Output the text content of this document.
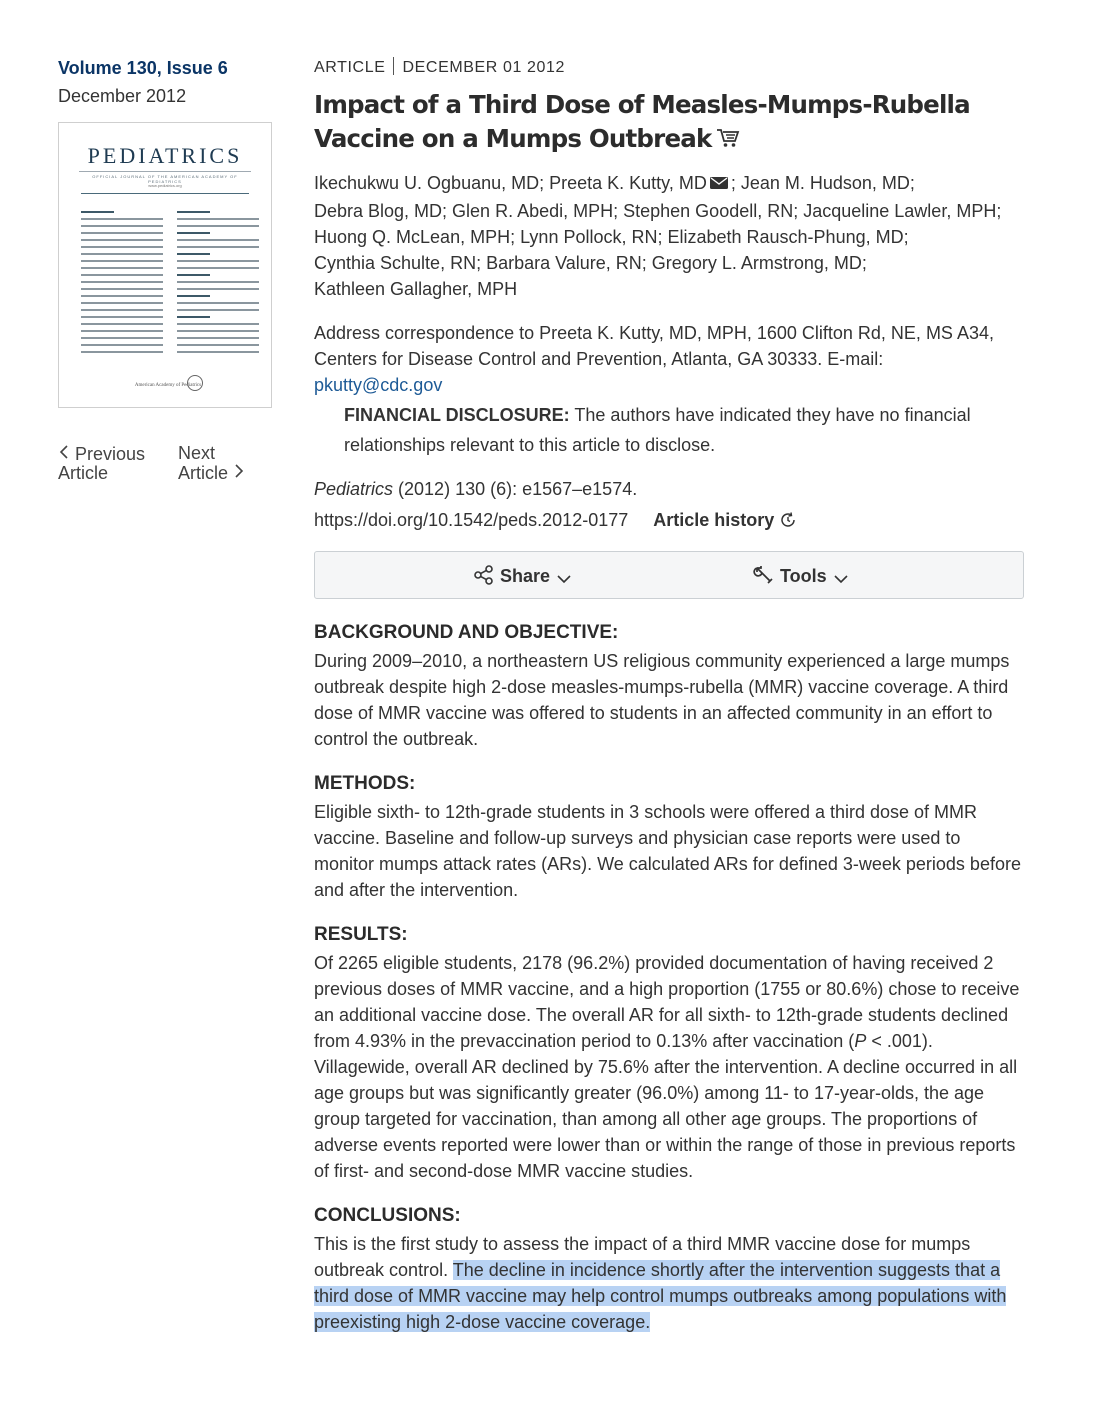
Volume 130, Issue 6
December 2012
PEDIATRICS
OFFICIAL JOURNAL OF THE AMERICAN ACADEMY OF PEDIATRICS
www.pediatrics.org
American Academy of Pediatrics
Previous
Article
Next
Article
ARTICLE DECEMBER 01 2012
Impact of a Third Dose of Measles-Mumps-Rubella Vaccine on a Mumps Outbreak
Ikechukwu U. Ogbuanu, MD; Preeta K. Kutty, MD ; Jean M. Hudson, MD;
Debra Blog, MD; Glen R. Abedi, MPH; Stephen Goodell, RN; Jacqueline Lawler, MPH;
Huong Q. McLean, MPH; Lynn Pollock, RN; Elizabeth Rausch-Phung, MD;
Cynthia Schulte, RN; Barbara Valure, RN; Gregory L. Armstrong, MD;
Kathleen Gallagher, MPH
Address correspondence to Preeta K. Kutty, MD, MPH, 1600 Clifton Rd, NE, MS A34, Centers for Disease Control and Prevention, Atlanta, GA 30333. E-mail:
pkutty@cdc.gov
FINANCIAL DISCLOSURE: The authors have indicated they have no financial relationships relevant to this article to disclose.
Pediatrics (2012) 130 (6): e1567–e1574.
https://doi.org/10.1542/peds.2012-0177 Article history
Share	Tools
BACKGROUND AND OBJECTIVE:

During 2009–2010, a northeastern US religious community experienced a large mumps outbreak despite high 2-dose measles-mumps-rubella (MMR) vaccine coverage. A third dose of MMR vaccine was offered to students in an affected community in an effort to control the outbreak.

METHODS:

Eligible sixth- to 12th-grade students in 3 schools were offered a third dose of MMR vaccine. Baseline and follow-up surveys and physician case reports were used to monitor mumps attack rates (ARs). We calculated ARs for defined 3-week periods before and after the intervention.

RESULTS:

Of 2265 eligible students, 2178 (96.2%) provided documentation of having received 2 previous doses of MMR vaccine, and a high proportion (1755 or 80.6%) chose to receive an additional vaccine dose. The overall AR for all sixth- to 12th-grade students declined from 4.93% in the prevaccination period to 0.13% after vaccination (P < .001). Villagewide, overall AR declined by 75.6% after the intervention. A decline occurred in all age groups but was significantly greater (96.0%) among 11- to 17-year-olds, the age group targeted for vaccination, than among all other age groups. The proportions of adverse events reported were lower than or within the range of those in previous reports of first- and second-dose MMR vaccine studies.

CONCLUSIONS:

This is the first study to assess the impact of a third MMR vaccine dose for mumps outbreak control. The decline in incidence shortly after the intervention suggests that a third dose of MMR vaccine may help control mumps outbreaks among populations with preexisting high 2-dose vaccine coverage.
